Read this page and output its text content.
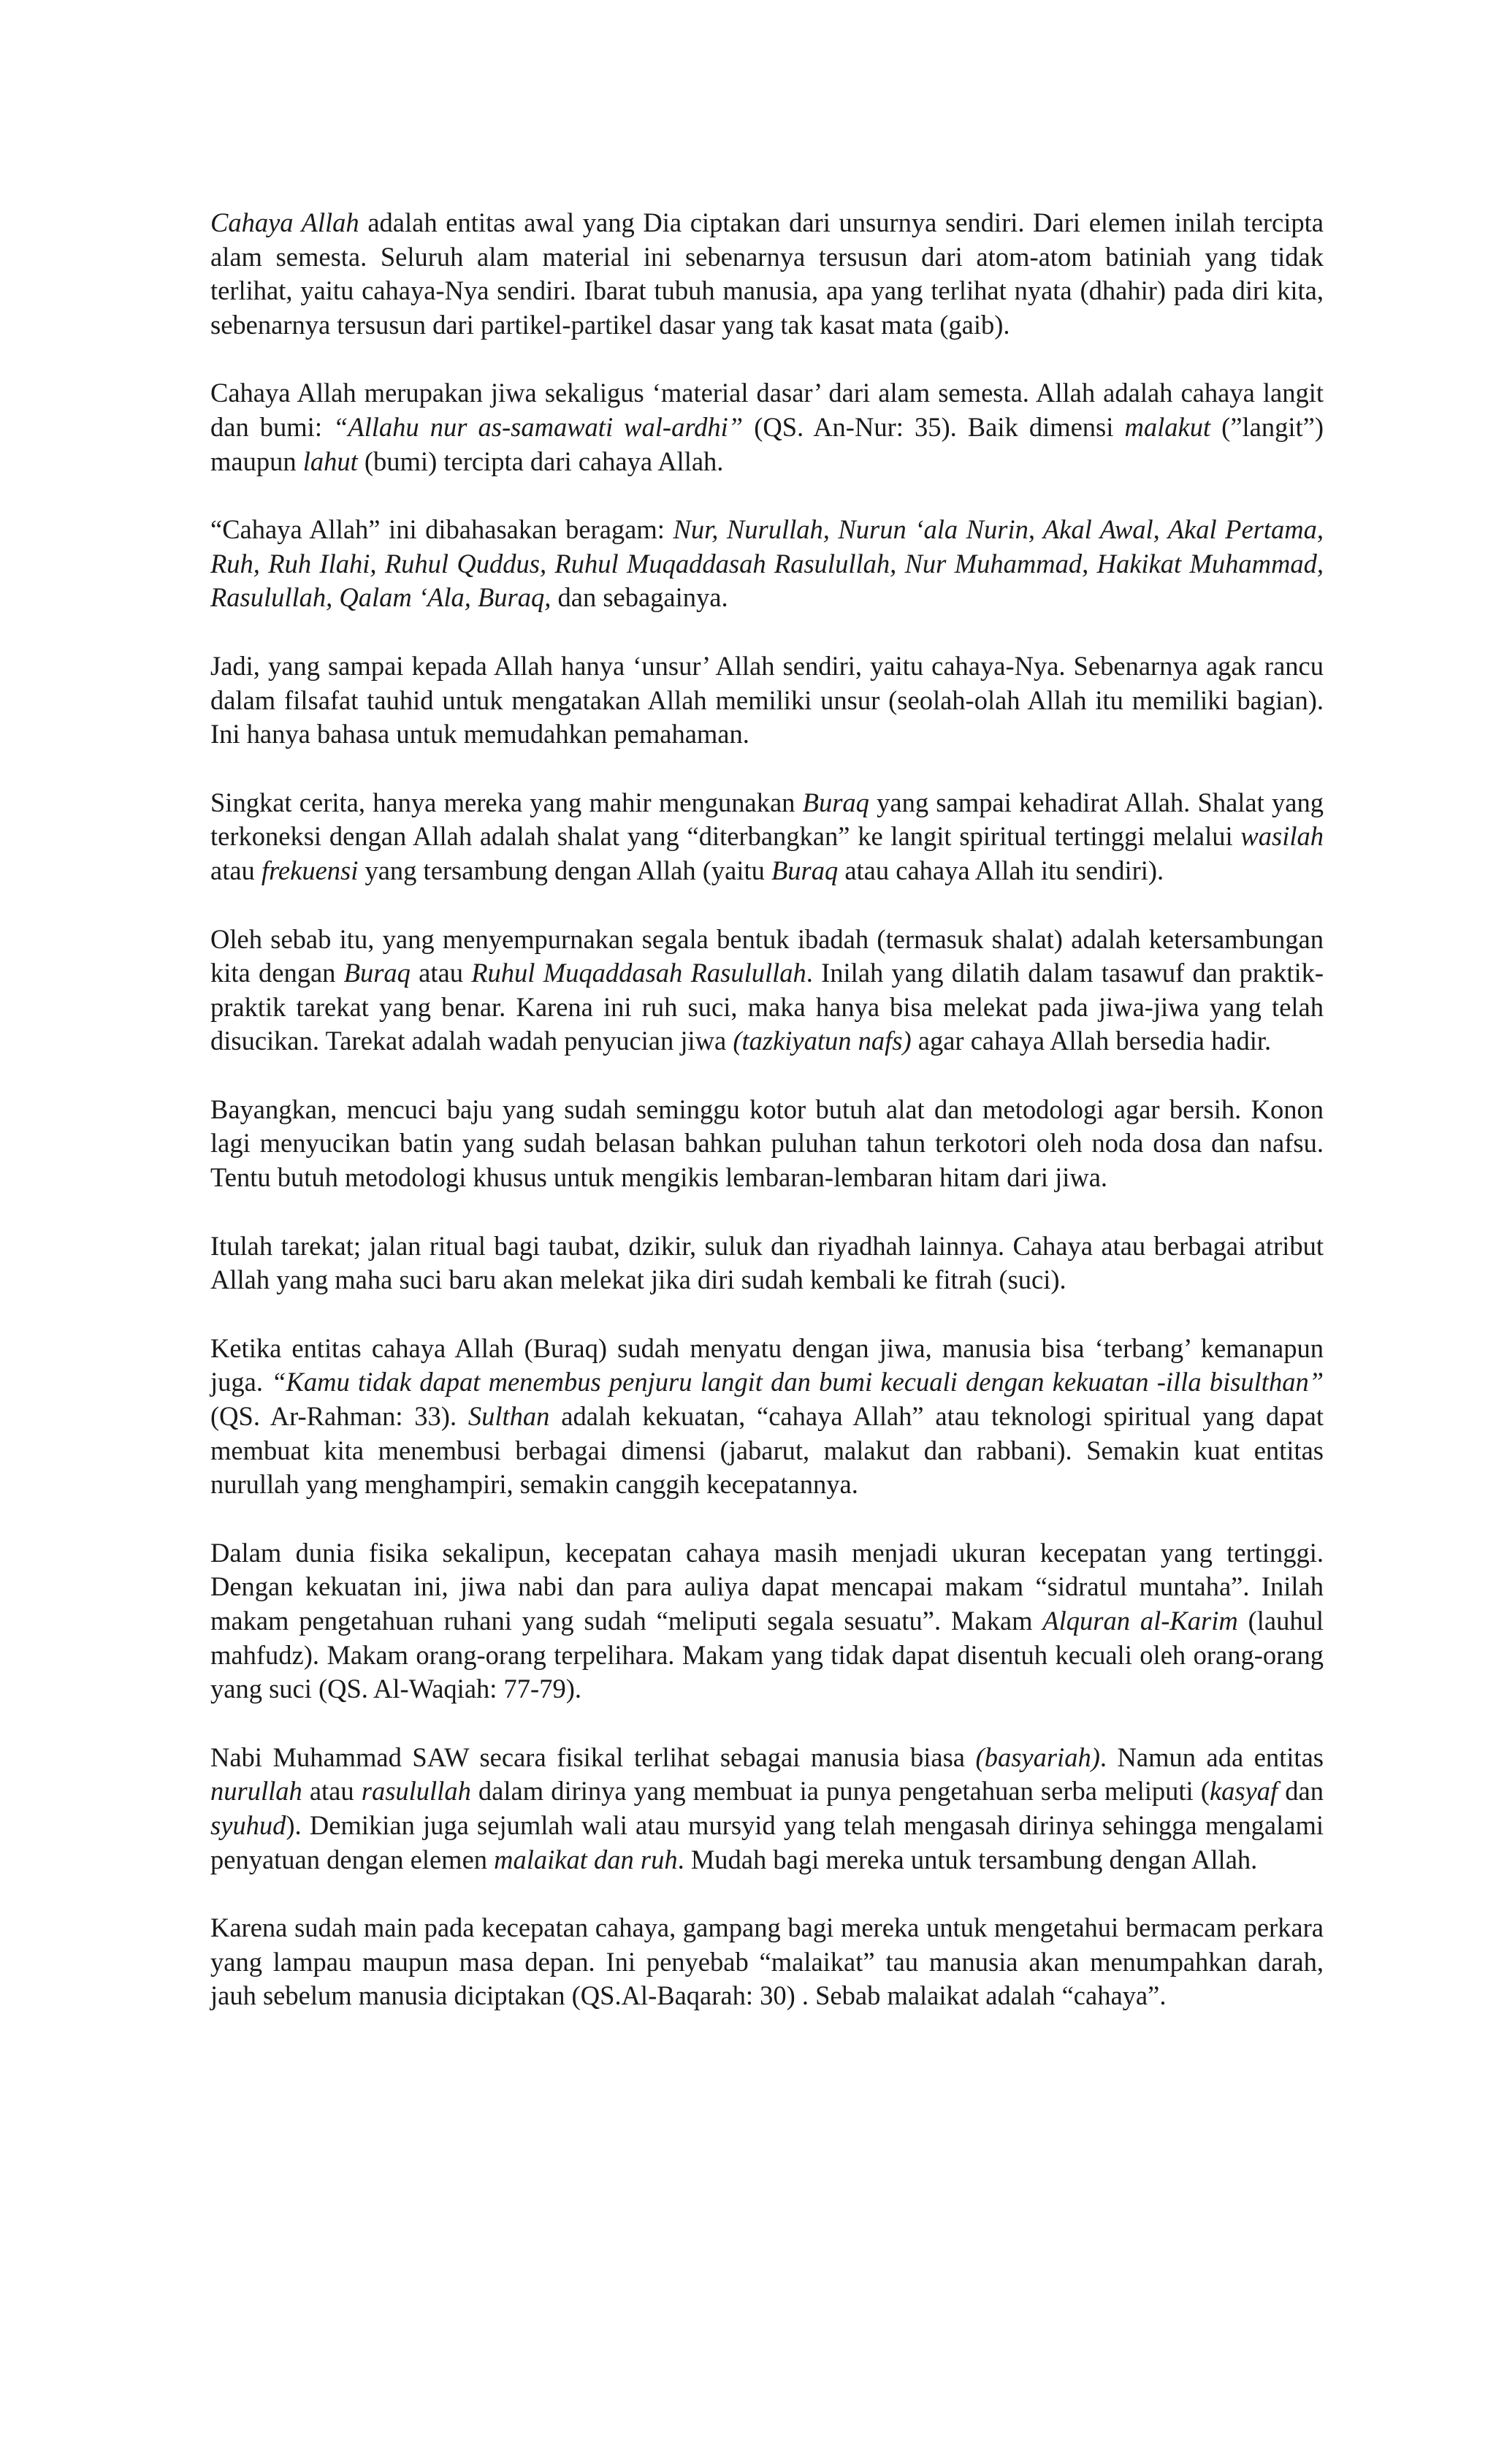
Cahaya Allah adalah entitas awal yang Dia ciptakan dari unsurnya sendiri. Dari elemen inilah tercipta alam semesta. Seluruh alam material ini sebenarnya tersusun dari atom-atom batiniah yang tidak terlihat, yaitu cahaya-Nya sendiri. Ibarat tubuh manusia, apa yang terlihat nyata (dhahir) pada diri kita, sebenarnya tersusun dari partikel-partikel dasar yang tak kasat mata (gaib).

Cahaya Allah merupakan jiwa sekaligus ‘material dasar’ dari alam semesta. Allah adalah cahaya langit dan bumi: “Allahu nur as-samawati wal-ardhi” (QS. An-Nur: 35). Baik dimensi malakut (”langit”) maupun lahut (bumi) tercipta dari cahaya Allah.

“Cahaya Allah” ini dibahasakan beragam: Nur, Nurullah, Nurun ‘ala Nurin, Akal Awal, Akal Pertama, Ruh, Ruh Ilahi, Ruhul Quddus, Ruhul Muqaddasah Rasulullah, Nur Muhammad, Hakikat Muhammad, Rasulullah, Qalam ‘Ala, Buraq, dan sebagainya.

Jadi, yang sampai kepada Allah hanya ‘unsur’ Allah sendiri, yaitu cahaya-Nya. Sebenarnya agak rancu dalam filsafat tauhid untuk mengatakan Allah memiliki unsur (seolah-olah Allah itu memiliki bagian). Ini hanya bahasa untuk memudahkan pemahaman.

Singkat cerita, hanya mereka yang mahir mengunakan Buraq yang sampai kehadirat Allah. Shalat yang terkoneksi dengan Allah adalah shalat yang “diterbangkan” ke langit spiritual tertinggi melalui wasilah atau frekuensi yang tersambung dengan Allah (yaitu Buraq atau cahaya Allah itu sendiri).

Oleh sebab itu, yang menyempurnakan segala bentuk ibadah (termasuk shalat) adalah ketersambungan kita dengan Buraq atau Ruhul Muqaddasah Rasulullah. Inilah yang dilatih dalam tasawuf dan praktik-praktik tarekat yang benar. Karena ini ruh suci, maka hanya bisa melekat pada jiwa-jiwa yang telah disucikan. Tarekat adalah wadah penyucian jiwa (tazkiyatun nafs) agar cahaya Allah bersedia hadir.

Bayangkan, mencuci baju yang sudah seminggu kotor butuh alat dan metodologi agar bersih. Konon lagi menyucikan batin yang sudah belasan bahkan puluhan tahun terkotori oleh noda dosa dan nafsu. Tentu butuh metodologi khusus untuk mengikis lembaran-lembaran hitam dari jiwa.

Itulah tarekat; jalan ritual bagi taubat, dzikir, suluk dan riyadhah lainnya. Cahaya atau berbagai atribut Allah yang maha suci baru akan melekat jika diri sudah kembali ke fitrah (suci).

Ketika entitas cahaya Allah (Buraq) sudah menyatu dengan jiwa, manusia bisa ‘terbang’ kemanapun juga. “Kamu tidak dapat menembus penjuru langit dan bumi kecuali dengan kekuatan -illa bisulthan” (QS. Ar-Rahman: 33). Sulthan adalah kekuatan, “cahaya Allah” atau teknologi spiritual yang dapat membuat kita menembusi berbagai dimensi (jabarut, malakut dan rabbani). Semakin kuat entitas nurullah yang menghampiri, semakin canggih kecepatannya.

Dalam dunia fisika sekalipun, kecepatan cahaya masih menjadi ukuran kecepatan yang tertinggi. Dengan kekuatan ini, jiwa nabi dan para auliya dapat mencapai makam “sidratul muntaha”. Inilah makam pengetahuan ruhani yang sudah “meliputi segala sesuatu”. Makam Alquran al-Karim (lauhul mahfudz). Makam orang-orang terpelihara. Makam yang tidak dapat disentuh kecuali oleh orang-orang yang suci (QS. Al-Waqiah: 77-79).

Nabi Muhammad SAW secara fisikal terlihat sebagai manusia biasa (basyariah). Namun ada entitas nurullah atau rasulullah dalam dirinya yang membuat ia punya pengetahuan serba meliputi (kasyaf dan syuhud). Demikian juga sejumlah wali atau mursyid yang telah mengasah dirinya sehingga mengalami penyatuan dengan elemen malaikat dan ruh. Mudah bagi mereka untuk tersambung dengan Allah.

Karena sudah main pada kecepatan cahaya, gampang bagi mereka untuk mengetahui bermacam perkara yang lampau maupun masa depan. Ini penyebab “malaikat” tau manusia akan menumpahkan darah, jauh sebelum manusia diciptakan (QS.Al-Baqarah: 30) . Sebab malaikat adalah “cahaya”.
